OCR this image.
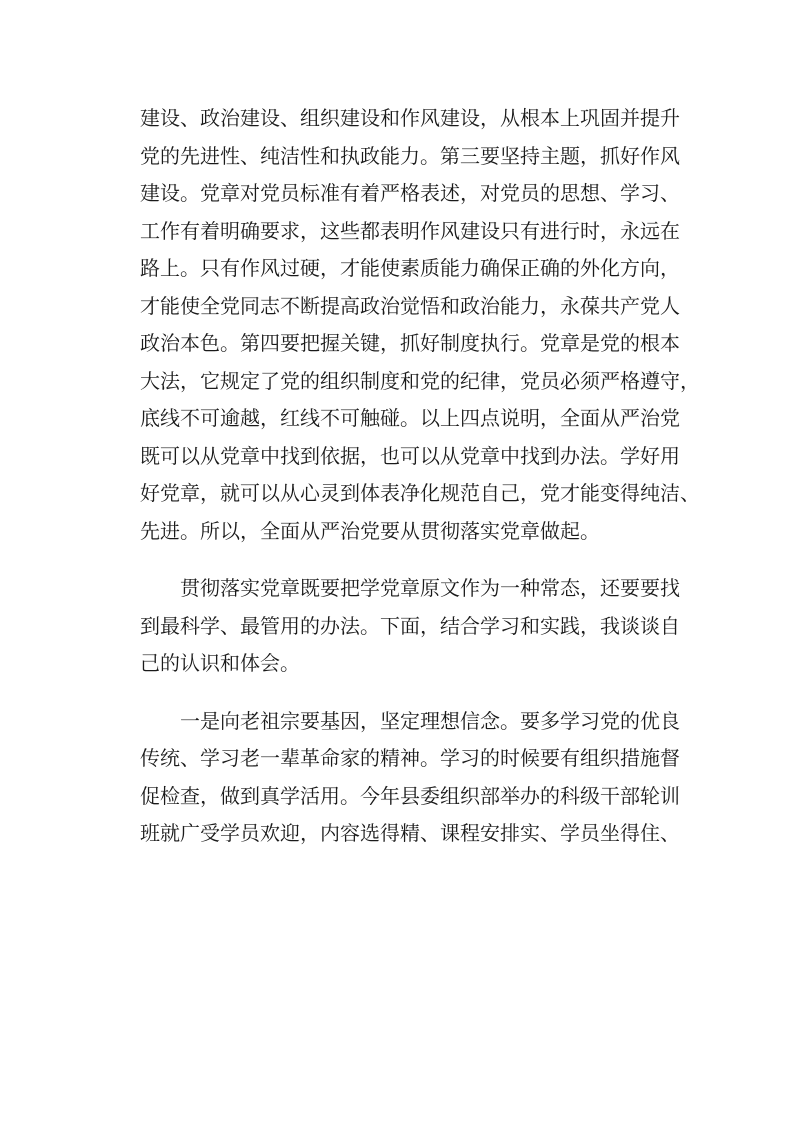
建设、政治建设、组织建设和作风建设，从根本上巩固并提升
党的先进性、纯洁性和执政能力。第三要坚持主题，抓好作风
建设。党章对党员标准有着严格表述，对党员的思想、学习、
工作有着明确要求，这些都表明作风建设只有进行时，永远在
路上。只有作风过硬，才能使素质能力确保正确的外化方向，
才能使全党同志不断提高政治觉悟和政治能力，永葆共产党人
政治本色。第四要把握关键，抓好制度执行。党章是党的根本
大法，它规定了党的组织制度和党的纪律，党员必须严格遵守，
底线不可逾越，红线不可触碰。以上四点说明，全面从严治党
既可以从党章中找到依据，也可以从党章中找到办法。学好用
好党章，就可以从心灵到体表净化规范自己，党才能变得纯洁、
先进。所以，全面从严治党要从贯彻落实党章做起。
贯彻落实党章既要把学党章原文作为一种常态，还要要找
到最科学、最管用的办法。下面，结合学习和实践，我谈谈自
己的认识和体会。
一是向老祖宗要基因，坚定理想信念。要多学习党的优良
传统、学习老一辈革命家的精神。学习的时候要有组织措施督
促检查，做到真学活用。今年县委组织部举办的科级干部轮训
班就广受学员欢迎，内容选得精、课程安排实、学员坐得住、
